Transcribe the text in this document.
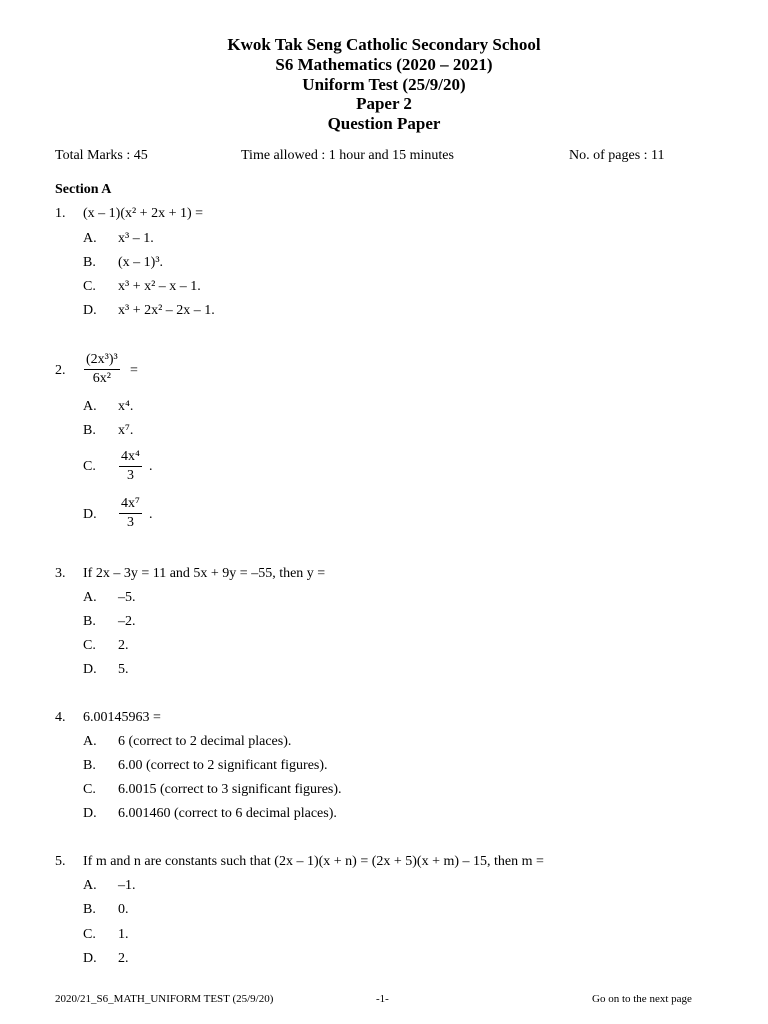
Kwok Tak Seng Catholic Secondary School
S6 Mathematics (2020 – 2021)
Uniform Test (25/9/20)
Paper 2
Question Paper
Total Marks : 45	Time allowed : 1 hour and 15 minutes	No. of pages : 11
Section A
1. (x – 1)(x² + 2x + 1) =
A. x³ – 1.
B. (x – 1)³.
C. x³ + x² – x – 1.
D. x³ + 2x² – 2x – 1.
2. $\frac{\text{(2x³)³}}{\text{6x²}}$ =
A. x⁴.
B. x⁷.
C. $\frac{\text{4x⁴}}{3}$ .
D. $\frac{\text{4x⁷}}{3}$ .
3. If 2x – 3y = 11 and 5x + 9y = –55, then y =
A. –5.
B. –2.
C. 2.
D. 5.
4. 6.00145963 =
A. 6 (correct to 2 decimal places).
B. 6.00 (correct to 2 significant figures).
C. 6.0015 (correct to 3 significant figures).
D. 6.001460 (correct to 6 decimal places).
5. If m and n are constants such that (2x – 1)(x + n) = (2x + 5)(x + m) – 15, then m =
A. –1.
B. 0.
C. 1.
D. 2.
2020/21_S6_MATH_UNIFORM TEST (25/9/20)	-1-	Go on to the next page
